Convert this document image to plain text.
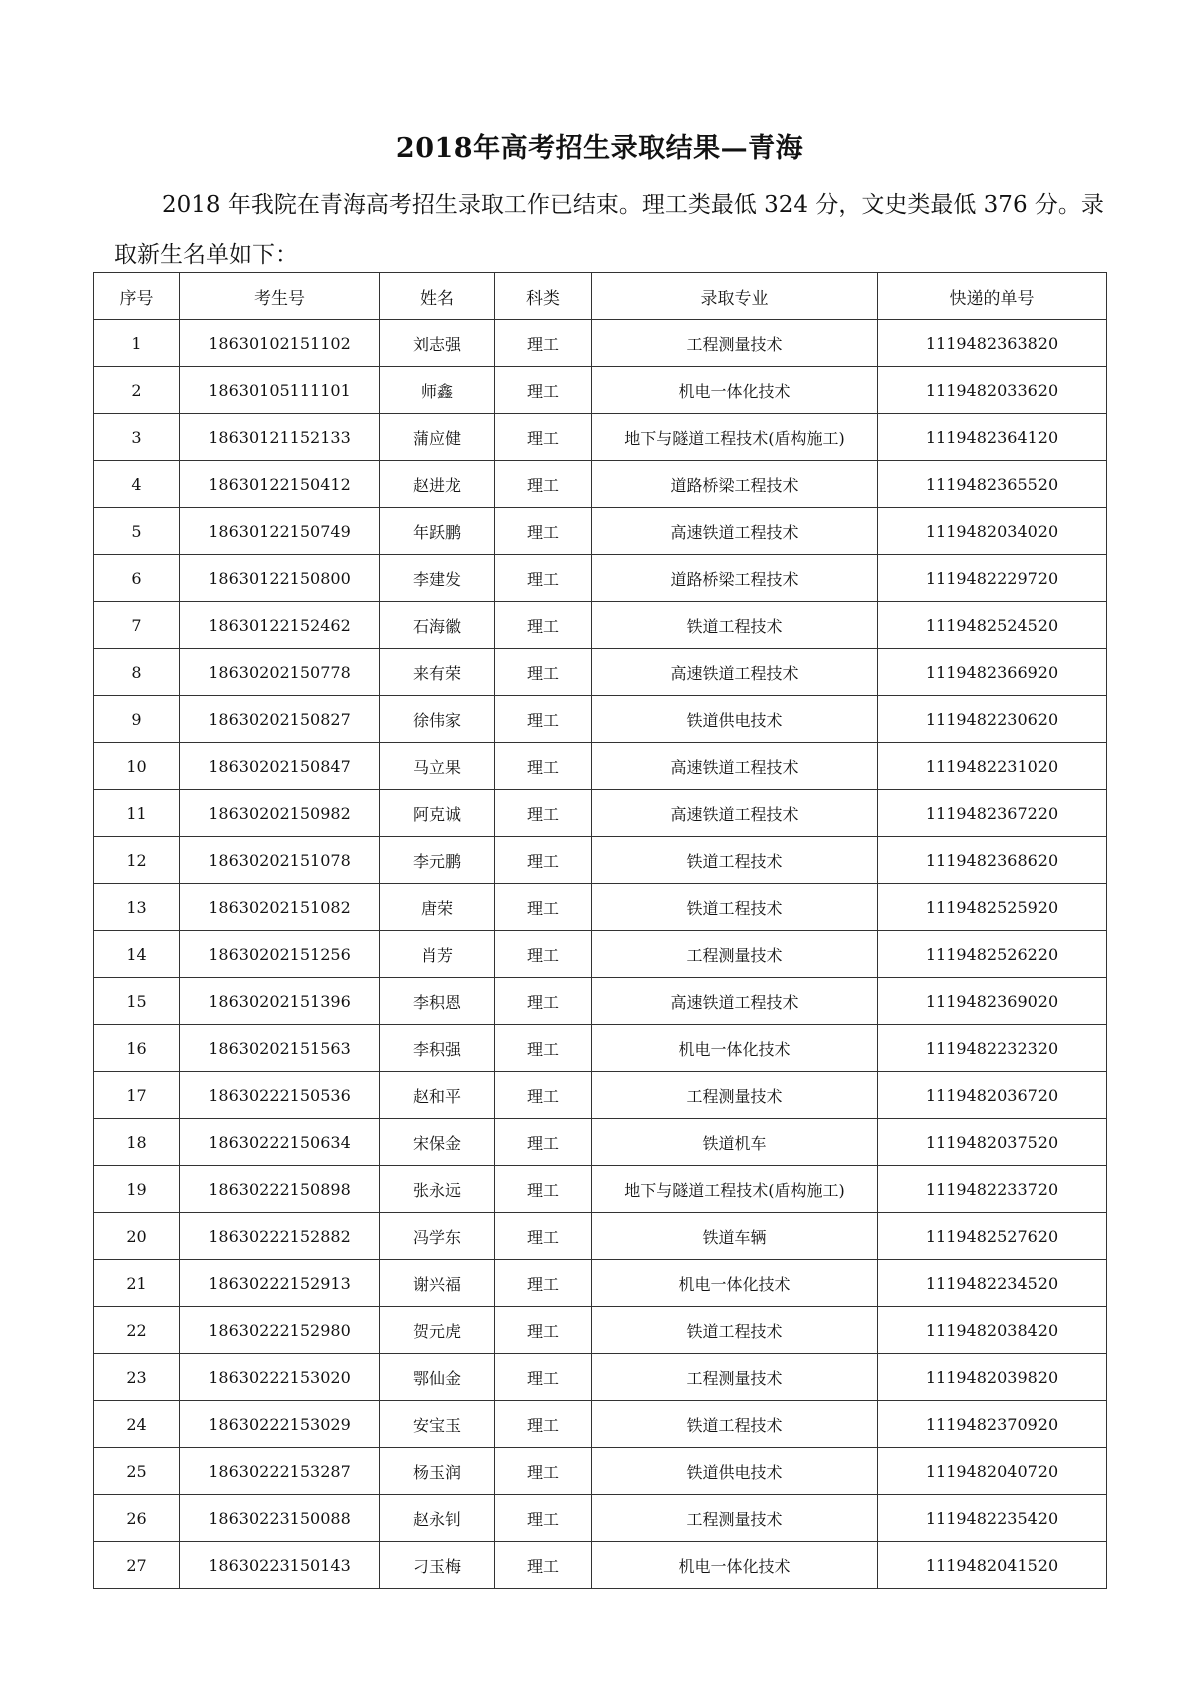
2018年高考招生录取结果—青海

2018 年我院在青海高考招生录取工作已结束。理工类最低 324 分，文史类最低 376 分。录取新生名单如下：

序号	考生号	姓名	科类	录取专业	快递的单号
1	18630102151102	刘志强	理工	工程测量技术	1119482363820
2	18630105111101	师鑫	理工	机电一体化技术	1119482033620
3	18630121152133	蒲应健	理工	地下与隧道工程技术(盾构施工)	1119482364120
4	18630122150412	赵进龙	理工	道路桥梁工程技术	1119482365520
5	18630122150749	年跃鹏	理工	高速铁道工程技术	1119482034020
6	18630122150800	李建发	理工	道路桥梁工程技术	1119482229720
7	18630122152462	石海徽	理工	铁道工程技术	1119482524520
8	18630202150778	来有荣	理工	高速铁道工程技术	1119482366920
9	18630202150827	徐伟家	理工	铁道供电技术	1119482230620
10	18630202150847	马立果	理工	高速铁道工程技术	1119482231020
11	18630202150982	阿克诚	理工	高速铁道工程技术	1119482367220
12	18630202151078	李元鹏	理工	铁道工程技术	1119482368620
13	18630202151082	唐荣	理工	铁道工程技术	1119482525920
14	18630202151256	肖芳	理工	工程测量技术	1119482526220
15	18630202151396	李积恩	理工	高速铁道工程技术	1119482369020
16	18630202151563	李积强	理工	机电一体化技术	1119482232320
17	18630222150536	赵和平	理工	工程测量技术	1119482036720
18	18630222150634	宋保金	理工	铁道机车	1119482037520
19	18630222150898	张永远	理工	地下与隧道工程技术(盾构施工)	1119482233720
20	18630222152882	冯学东	理工	铁道车辆	1119482527620
21	18630222152913	谢兴福	理工	机电一体化技术	1119482234520
22	18630222152980	贺元虎	理工	铁道工程技术	1119482038420
23	18630222153020	鄂仙金	理工	工程测量技术	1119482039820
24	18630222153029	安宝玉	理工	铁道工程技术	1119482370920
25	18630222153287	杨玉润	理工	铁道供电技术	1119482040720
26	18630223150088	赵永钊	理工	工程测量技术	1119482235420
27	18630223150143	刁玉梅	理工	机电一体化技术	1119482041520
